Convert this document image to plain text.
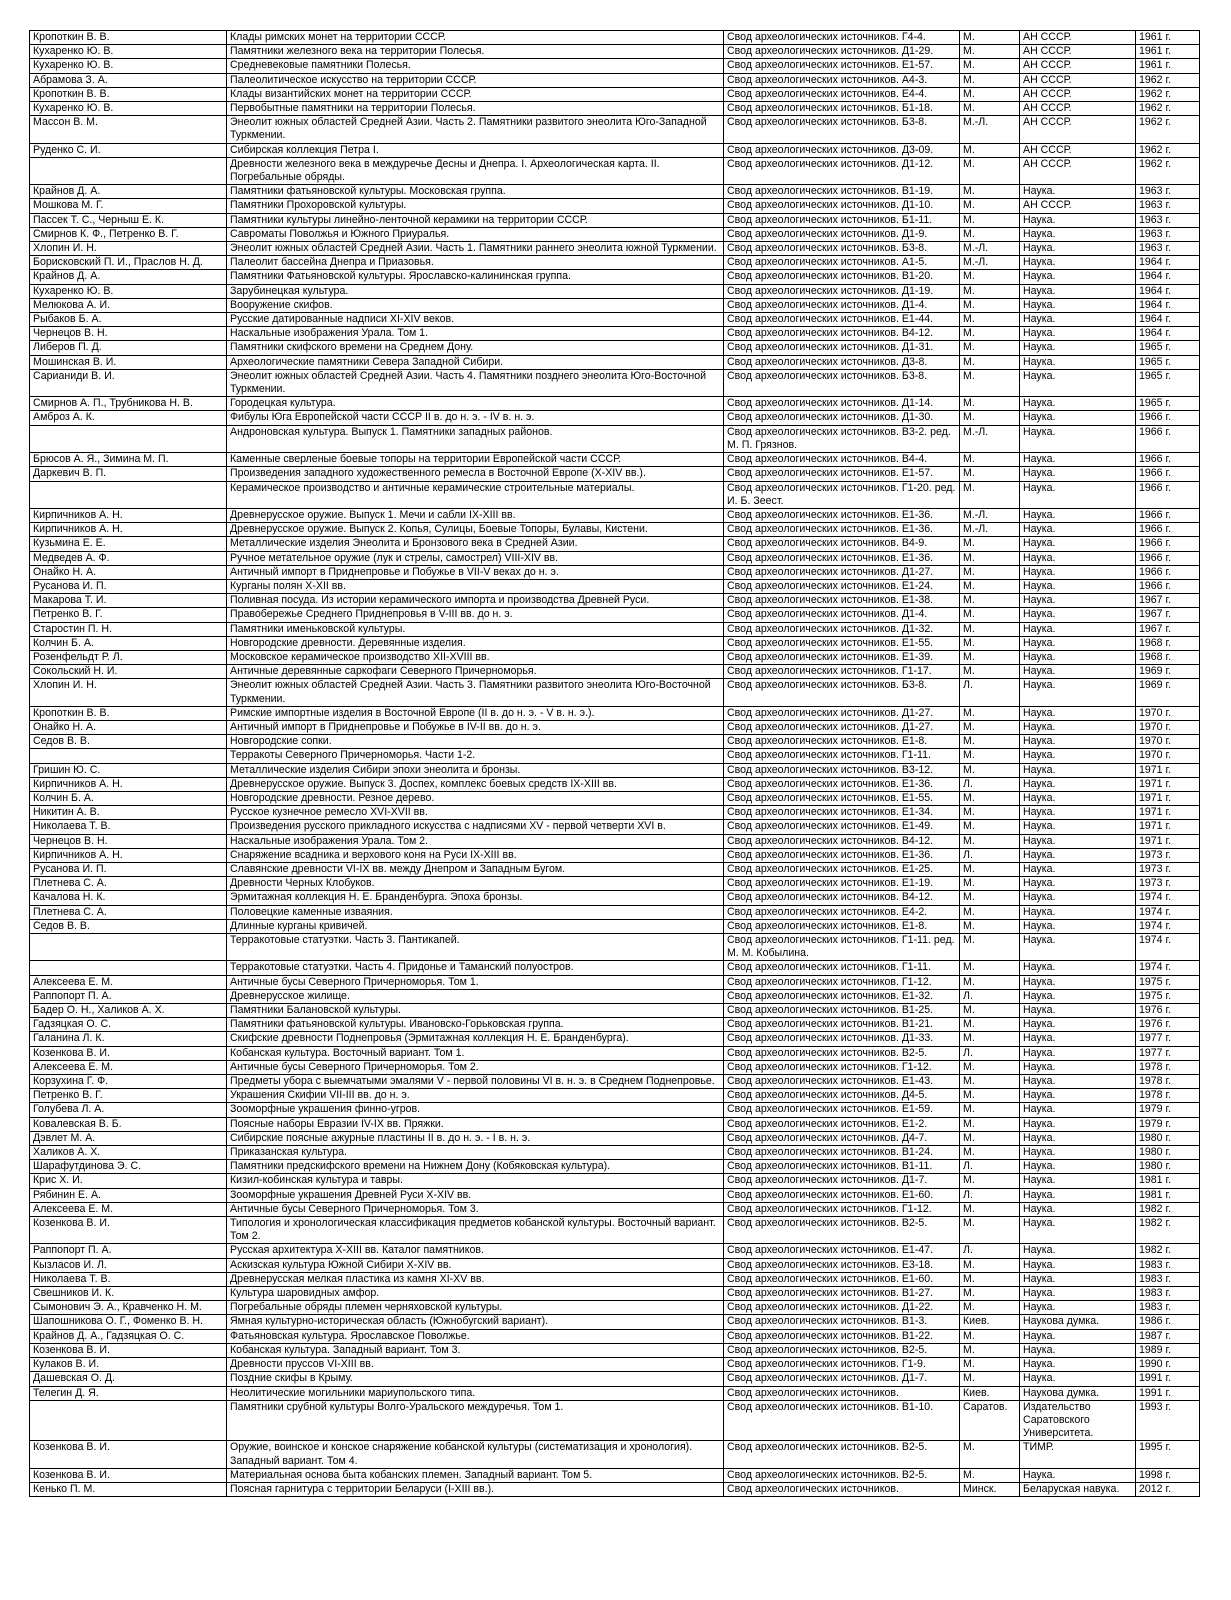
Кропоткин В. В.	Клады римских монет на территории СССР.	Свод археологических источников. Г4-4.	М.	АН СССР.	1961 г.
Кухаренко Ю. В.	Памятники железного века на территории Полесья.	Свод археологических источников. Д1-29.	М.	АН СССР.	1961 г.
Кухаренко Ю. В.	Средневековые памятники Полесья.	Свод археологических источников. Е1-57.	М.	АН СССР.	1961 г.
Абрамова З. А.	Палеолитическое искусство на территории СССР.	Свод археологических источников. А4-3.	М.	АН СССР.	1962 г.
Кропоткин В. В.	Клады византийских монет на территории СССР.	Свод археологических источников. Е4-4.	М.	АН СССР.	1962 г.
Кухаренко Ю. В.	Первобытные памятники на территории Полесья.	Свод археологических источников. Б1-18.	М.	АН СССР.	1962 г.
Массон В. М.	Энеолит южных областей Средней Азии. Часть 2. Памятники развитого энеолита Юго-Западной Туркмении.	Свод археологических источников. Б3-8.	М.-Л.	АН СССР.	1962 г.
Руденко С. И.	Сибирская коллекция Петра I.	Свод археологических источников. Д3-09.	М.	АН СССР.	1962 г.
	Древности железного века в междуречье Десны и Днепра. I. Археологическая карта. II. Погребальные обряды.	Свод археологических источников. Д1-12.	М.	АН СССР.	1962 г.
Крайнов Д. А.	Памятники фатьяновской культуры. Московская группа.	Свод археологических источников. В1-19.	М.	Наука.	1963 г.
Мошкова М. Г.	Памятники Прохоровской культуры.	Свод археологических источников. Д1-10.	М.	АН СССР.	1963 г.
Пассек Т. С., Черныш Е. К.	Памятники культуры линейно-ленточной керамики на территории СССР.	Свод археологических источников. Б1-11.	М.	Наука.	1963 г.
Смирнов К. Ф., Петренко В. Г.	Савроматы Поволжья и Южного Приуралья.	Свод археологических источников. Д1-9.	М.	Наука.	1963 г.
Хлопин И. Н.	Энеолит южных областей Средней Азии. Часть 1. Памятники раннего энеолита южной Туркмении.	Свод археологических источников. Б3-8.	М.-Л.	Наука.	1963 г.
Борисковский П. И., Праслов Н. Д.	Палеолит бассейна Днепра и Приазовья.	Свод археологических источников. А1-5.	М.-Л.	Наука.	1964 г.
Крайнов Д. А.	Памятники Фатьяновской культуры. Ярославско-калининская группа.	Свод археологических источников. В1-20.	М.	Наука.	1964 г.
Кухаренко Ю. В.	Зарубинецкая культура.	Свод археологических источников. Д1-19.	М.	Наука.	1964 г.
Мелюкова А. И.	Вооружение скифов.	Свод археологических источников. Д1-4.	М.	Наука.	1964 г.
Рыбаков Б. А.	Русские датированные надписи XI-XIV веков.	Свод археологических источников. Е1-44.	М.	Наука.	1964 г.
Чернецов В. Н.	Наскальные изображения Урала. Том 1.	Свод археологических источников. В4-12.	М.	Наука.	1964 г.
Либеров П. Д.	Памятники скифского времени на Среднем Дону.	Свод археологических источников. Д1-31.	М.	Наука.	1965 г.
Мошинская В. И.	Археологические памятники Севера Западной Сибири.	Свод археологических источников. Д3-8.	М.	Наука.	1965 г.
Сарианиди В. И.	Энеолит южных областей Средней Азии. Часть 4. Памятники позднего энеолита Юго-Восточной Туркмении.	Свод археологических источников. Б3-8.	М.	Наука.	1965 г.
Смирнов А. П., Трубникова Н. В.	Городецкая культура.	Свод археологических источников. Д1-14.	М.	Наука.	1965 г.
Амброз А. К.	Фибулы Юга Европейской части СССР II в. до н. э. - IV в. н. э.	Свод археологических источников. Д1-30.	М.	Наука.	1966 г.
	Андроновская культура. Выпуск 1. Памятники западных районов.	Свод археологических источников. В3-2. ред. М. П. Грязнов.	М.-Л.	Наука.	1966 г.
Брюсов А. Я., Зимина М. П.	Каменные сверленые боевые топоры на территории Европейской части СССР.	Свод археологических источников. В4-4.	М.	Наука.	1966 г.
Даркевич В. П.	Произведения западного художественного ремесла в Восточной Европе (X-XIV вв.).	Свод археологических источников. Е1-57.	М.	Наука.	1966 г.
	Керамическое производство и античные керамические строительные материалы.	Свод археологических источников. Г1-20. ред. И. Б. Зеест.	М.	Наука.	1966 г.
Кирпичников А. Н.	Древнерусское оружие. Выпуск 1. Мечи и сабли IX-XIII вв.	Свод археологических источников. Е1-36.	М.-Л.	Наука.	1966 г.
Кирпичников А. Н.	Древнерусское оружие. Выпуск 2. Копья, Сулицы, Боевые Топоры, Булавы, Кистени.	Свод археологических источников. Е1-36.	М.-Л.	Наука.	1966 г.
Кузьмина Е. Е.	Металлические изделия Энеолита и Бронзового века в Средней Азии.	Свод археологических источников. В4-9.	М.	Наука.	1966 г.
Медведев А. Ф.	Ручное метательное оружие (лук и стрелы, самострел) VIII-XIV вв.	Свод археологических источников. Е1-36.	М.	Наука.	1966 г.
Онайко Н. А.	Античный импорт в Приднепровье и Побужье в VII-V веках до н. э.	Свод археологических источников. Д1-27.	М.	Наука.	1966 г.
Русанова И. П.	Курганы полян X-XII вв.	Свод археологических источников. Е1-24.	М.	Наука.	1966 г.
Макарова Т. И.	Поливная посуда. Из истории керамического импорта и производства Древней Руси.	Свод археологических источников. Е1-38.	М.	Наука.	1967 г.
Петренко В. Г.	Правобережье Среднего Приднепровья в V-III вв. до н. э.	Свод археологических источников. Д1-4.	М.	Наука.	1967 г.
Старостин П. Н.	Памятники именьковской культуры.	Свод археологических источников. Д1-32.	М.	Наука.	1967 г.
Колчин Б. А.	Новгородские древности. Деревянные изделия.	Свод археологических источников. Е1-55.	М.	Наука.	1968 г.
Розенфельдт Р. Л.	Московское керамическое производство XII-XVIII вв.	Свод археологических источников. Е1-39.	М.	Наука.	1968 г.
Сокольский Н. И.	Античные деревянные саркофаги Северного Причерноморья.	Свод археологических источников. Г1-17.	М.	Наука.	1969 г.
Хлопин И. Н.	Энеолит южных областей Средней Азии. Часть 3. Памятники развитого энеолита Юго-Восточной Туркмении.	Свод археологических источников. Б3-8.	Л.	Наука.	1969 г.
Кропоткин В. В.	Римские импортные изделия в Восточной Европе (II в. до н. э. - V в. н. э.).	Свод археологических источников. Д1-27.	М.	Наука.	1970 г.
Онайко Н. А.	Античный импорт в Приднепровье и Побужье в IV-II вв. до н. э.	Свод археологических источников. Д1-27.	М.	Наука.	1970 г.
Седов В. В.	Новгородские сопки.	Свод археологических источников. Е1-8.	М.	Наука.	1970 г.
	Терракоты Северного Причерноморья. Части 1-2.	Свод археологических источников. Г1-11.	М.	Наука.	1970 г.
Гришин Ю. С.	Металлические изделия Сибири эпохи энеолита и бронзы.	Свод археологических источников. В3-12.	М.	Наука.	1971 г.
Кирпичников А. Н.	Древнерусское оружие. Выпуск 3. Доспех, комплекс боевых средств IX-XIII вв.	Свод археологических источников. Е1-36.	Л.	Наука.	1971 г.
Колчин Б. А.	Новгородские древности. Резное дерево.	Свод археологических источников. Е1-55.	М.	Наука.	1971 г.
Никитин А. В.	Русское кузнечное ремесло XVI-XVII вв.	Свод археологических источников. Е1-34.	М.	Наука.	1971 г.
Николаева Т. В.	Произведения русского прикладного искусства с надписями XV - первой четверти XVI в.	Свод археологических источников. Е1-49.	М.	Наука.	1971 г.
Чернецов В. Н.	Наскальные изображения Урала. Том 2.	Свод археологических источников. В4-12.	М.	Наука.	1971 г.
Кирпичников А. Н.	Снаряжение всадника и верхового коня на Руси IX-XIII вв.	Свод археологических источников. Е1-36.	Л.	Наука.	1973 г.
Русанова И. П.	Славянские древности VI-IX вв. между Днепром и Западным Бугом.	Свод археологических источников. Е1-25.	М.	Наука.	1973 г.
Плетнева С. А.	Древности Черных Клобуков.	Свод археологических источников. Е1-19.	М.	Наука.	1973 г.
Качалова Н. К.	Эрмитажная коллекция Н. Е. Бранденбурга. Эпоха бронзы.	Свод археологических источников. В4-12.	М.	Наука.	1974 г.
Плетнева С. А.	Половецкие каменные изваяния.	Свод археологических источников. Е4-2.	М.	Наука.	1974 г.
Седов В. В.	Длинные курганы кривичей.	Свод археологических источников. Е1-8.	М.	Наука.	1974 г.
	Терракотовые статуэтки. Часть 3. Пантикапей.	Свод археологических источников. Г1-11. ред. М. М. Кобылина.	М.	Наука.	1974 г.
	Терракотовые статуэтки. Часть 4. Придонье и Таманский полуостров.	Свод археологических источников. Г1-11.	М.	Наука.	1974 г.
Алексеева Е. М.	Античные бусы Северного Причерноморья. Том 1.	Свод археологических источников. Г1-12.	М.	Наука.	1975 г.
Раппопорт П. А.	Древнерусское жилище.	Свод археологических источников. Е1-32.	Л.	Наука.	1975 г.
Бадер О. Н., Халиков А. Х.	Памятники Балановской культуры.	Свод археологических источников. В1-25.	М.	Наука.	1976 г.
Гадзяцкая О. С.	Памятники фатьяновской культуры. Ивановско-Горьковская группа.	Свод археологических источников. В1-21.	М.	Наука.	1976 г.
Галанина Л. К.	Скифские древности Поднепровья (Эрмитажная коллекция Н. Е. Бранденбурга).	Свод археологических источников. Д1-33.	М.	Наука.	1977 г.
Козенкова В. И.	Кобанская культура. Восточный вариант. Том 1.	Свод археологических источников. В2-5.	Л.	Наука.	1977 г.
Алексеева Е. М.	Античные бусы Северного Причерноморья. Том 2.	Свод археологических источников. Г1-12.	М.	Наука.	1978 г.
Корзухина Г. Ф.	Предметы убора с выемчатыми эмалями V - первой половины VI в. н. э. в Среднем Поднепровье.	Свод археологических источников. Е1-43.	М.	Наука.	1978 г.
Петренко В. Г.	Украшения Скифии VII-III вв. до н. э.	Свод археологических источников. Д4-5.	М.	Наука.	1978 г.
Голубева Л. А.	Зооморфные украшения финно-угров.	Свод археологических источников. Е1-59.	М.	Наука.	1979 г.
Ковалевская В. Б.	Поясные наборы Евразии IV-IX вв. Пряжки.	Свод археологических источников. Е1-2.	М.	Наука.	1979 г.
Дэвлет М. А.	Сибирские поясные ажурные пластины II в. до н. э. - I в. н. э.	Свод археологических источников. Д4-7.	М.	Наука.	1980 г.
Халиков А. Х.	Приказанская культура.	Свод археологических источников. В1-24.	М.	Наука.	1980 г.
Шарафутдинова Э. С.	Памятники предскифского времени на Нижнем Дону (Кобяковская культура).	Свод археологических источников. В1-11.	Л.	Наука.	1980 г.
Крис Х. И.	Кизил-кобинская культура и тавры.	Свод археологических источников. Д1-7.	М.	Наука.	1981 г.
Рябинин Е. А.	Зооморфные украшения Древней Руси X-XIV вв.	Свод археологических источников. Е1-60.	Л.	Наука.	1981 г.
Алексеева Е. М.	Античные бусы Северного Причерноморья. Том 3.	Свод археологических источников. Г1-12.	М.	Наука.	1982 г.
Козенкова В. И.	Типология и хронологическая классификация предметов кобанской культуры. Восточный вариант. Том 2.	Свод археологических источников. В2-5.	М.	Наука.	1982 г.
Раппопорт П. А.	Русская архитектура X-XIII вв. Каталог памятников.	Свод археологических источников. Е1-47.	Л.	Наука.	1982 г.
Кызласов И. Л.	Аскизская культура Южной Сибири X-XIV вв.	Свод археологических источников. Е3-18.	М.	Наука.	1983 г.
Николаева Т. В.	Древнерусская мелкая пластика из камня XI-XV вв.	Свод археологических источников. Е1-60.	М.	Наука.	1983 г.
Свешников И. К.	Культура шаровидных амфор.	Свод археологических источников. В1-27.	М.	Наука.	1983 г.
Сымонович Э. А., Кравченко Н. М.	Погребальные обряды племен черняховской культуры.	Свод археологических источников. Д1-22.	М.	Наука.	1983 г.
Шапошникова О. Г., Фоменко В. Н.	Ямная культурно-историческая область (Южнобугский вариант).	Свод археологических источников. В1-3.	Киев.	Наукова думка.	1986 г.
Крайнов Д. А., Гадзяцкая О. С.	Фатьяновская культура. Ярославское Поволжье.	Свод археологических источников. В1-22.	М.	Наука.	1987 г.
Козенкова В. И.	Кобанская культура. Западный вариант. Том 3.	Свод археологических источников. В2-5.	М.	Наука.	1989 г.
Кулаков В. И.	Древности пруссов VI-XIII вв.	Свод археологических источников. Г1-9.	М.	Наука.	1990 г.
Дашевская О. Д.	Поздние скифы в Крыму.	Свод археологических источников. Д1-7.	М.	Наука.	1991 г.
Телегин Д. Я.	Неолитические могильники мариупольского типа.	Свод археологических источников.	Киев.	Наукова думка.	1991 г.
	Памятники срубной культуры Волго-Уральского междуречья. Том 1.	Свод археологических источников. В1-10.	Саратов.	Издательство Саратовского Университета.	1993 г.
Козенкова В. И.	Оружие, воинское и конское снаряжение кобанской культуры (систематизация и хронология). Западный вариант. Том 4.	Свод археологических источников. В2-5.	М.	ТИМР.	1995 г.
Козенкова В. И.	Материальная основа быта кобанских племен. Западный вариант. Том 5.	Свод археологических источников. В2-5.	М.	Наука.	1998 г.
Кенько П. М.	Поясная гарнитура с территории Беларуси (I-XIII вв.).	Свод археологических источников.	Минск.	Беларуская навука.	2012 г.
